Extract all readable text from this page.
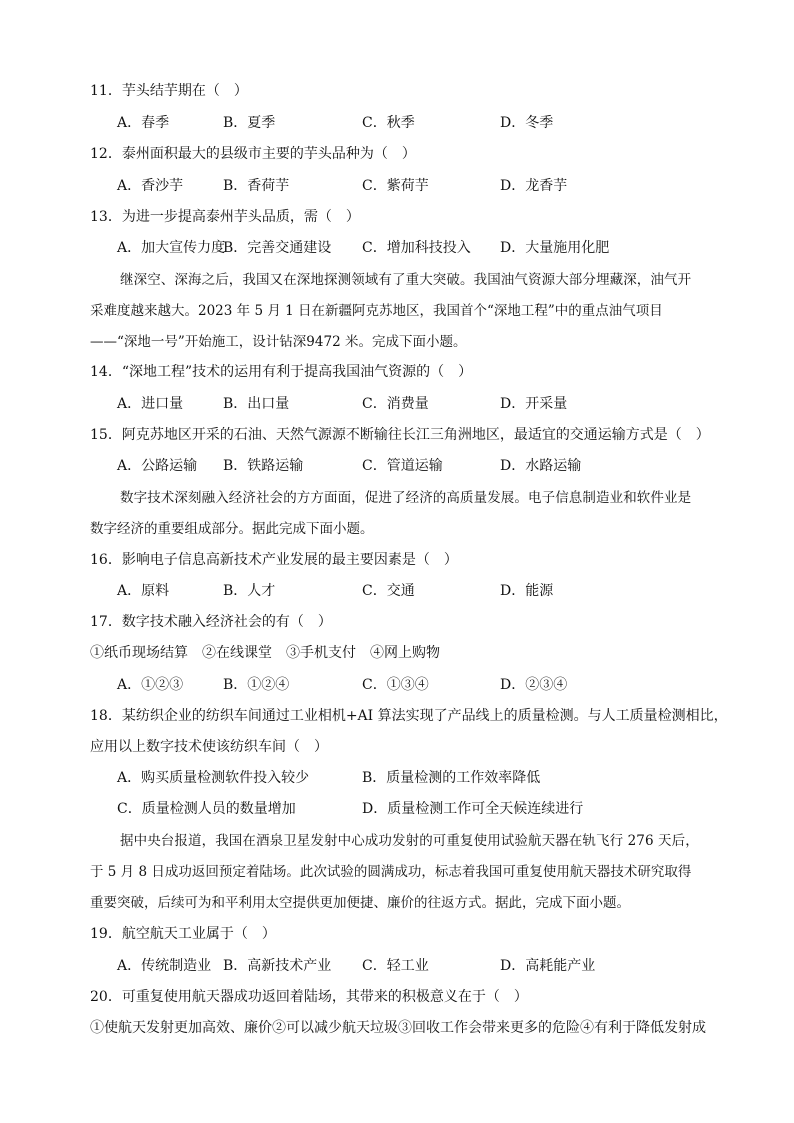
11．芋头结芋期在（　）
A．春季	B．夏季	C．秋季	D．冬季
12．泰州面积最大的县级市主要的芋头品种为（　）
A．香沙芋	B．香荷芋	C．紫荷芋	D．龙香芋
13．为进一步提高泰州芋头品质，需（　）
A．加大宣传力度
B．完善交通建设 C．增加科技投入 D．大量施用化肥
继深空、深海之后，我国又在深地探测领域有了重大突破。我国油气资源大部分埋藏深，油气开
采难度越来越大。2023 年 5 月 1 日在新疆阿克苏地区，我国首个“深地工程”中的重点油气项目
——“深地一号”开始施工，设计钻深9472 米。完成下面小题。
14．“深地工程”技术的运用有利于提高我国油气资源的（　）
A．进口量	B．出口量	C．消费量	D．开采量
15．阿克苏地区开采的石油、天然气源源不断输往长江三角洲地区，最适宜的交通运输方式是（　）
A．公路运输 B．铁路运输	C．管道运输	D．水路运输
数字技术深刻融入经济社会的方方面面，促进了经济的高质量发展。电子信息制造业和软件业是
数字经济的重要组成部分。据此完成下面小题。
16．影响电子信息高新技术产业发展的最主要因素是（　）
A．原料	B．人才	C．交通	D．能源
17．数字技术融入经济社会的有（　）
①纸币现场结算　②在线课堂　③手机支付　④网上购物
A．①②③	B．①②④	C．①③④	D．②③④
18．某纺织企业的纺织车间通过工业相机+AI 算法实现了产品线上的质量检测。与人工质量检测相比，
应用以上数字技术使该纺织车间（　）
A．购买质量检测软件投入较少	B．质量检测的工作效率降低
C．质量检测人员的数量增加	D．质量检测工作可全天候连续进行
据中央台报道，我国在酒泉卫星发射中心成功发射的可重复使用试验航天器在轨飞行 276 天后，
于 5 月 8 日成功返回预定着陆场。此次试验的圆满成功，标志着我国可重复使用航天器技术研究取得
重要突破，后续可为和平利用太空提供更加便捷、廉价的往返方式。据此，完成下面小题。
19．航空航天工业属于（　）
A．传统制造业 B．高新技术产业 C．轻工业	D．高耗能产业
20．可重复使用航天器成功返回着陆场，其带来的积极意义在于（　）
①使航天发射更加高效、廉价②可以减少航天垃圾③回收工作会带来更多的危险④有利于降低发射成
